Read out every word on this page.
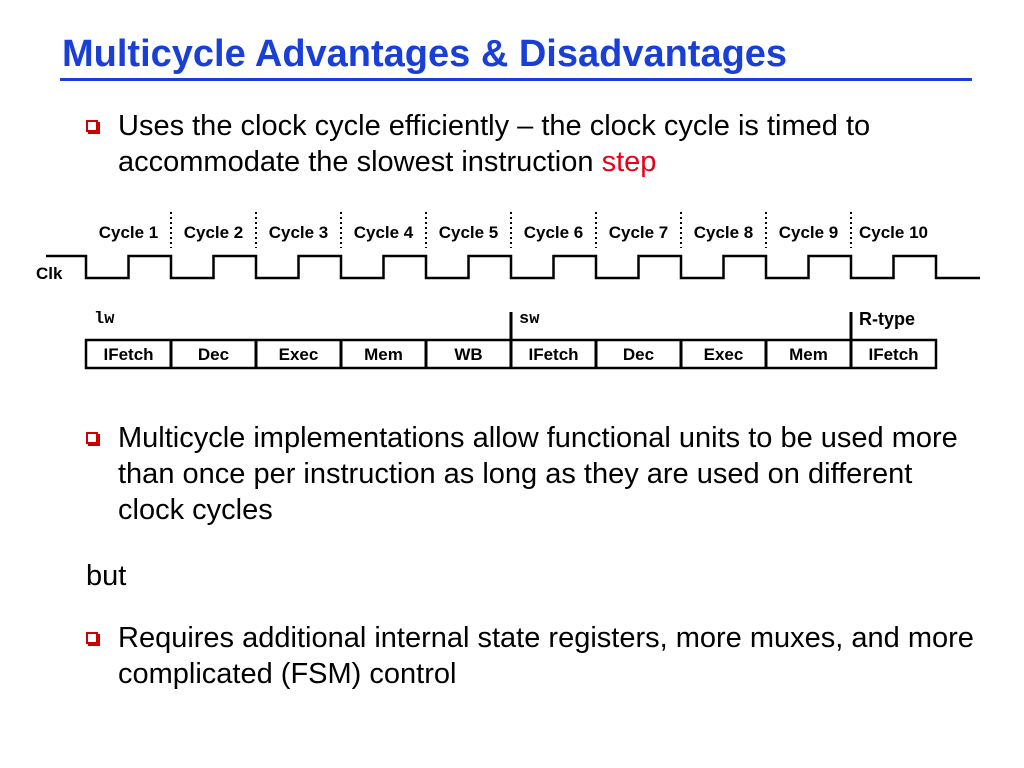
Multicycle Advantages & Disadvantages
Uses the clock cycle efficiently – the clock cycle is timed to accommodate the slowest instruction step
Cycle 1 Cycle 2 Cycle 3 Cycle 4 Cycle 5 Cycle 6 Cycle 7 Cycle 8 Cycle 9 Cycle 10
Clk
lw	sw	R-type
IFetch	Dec	Exec	Mem	WB	IFetch	Dec	Exec	Mem IFetch
Multicycle implementations allow functional units to be used more than once per instruction as long as they are used on different clock cycles
but
Requires additional internal state registers, more muxes, and more complicated (FSM) control
